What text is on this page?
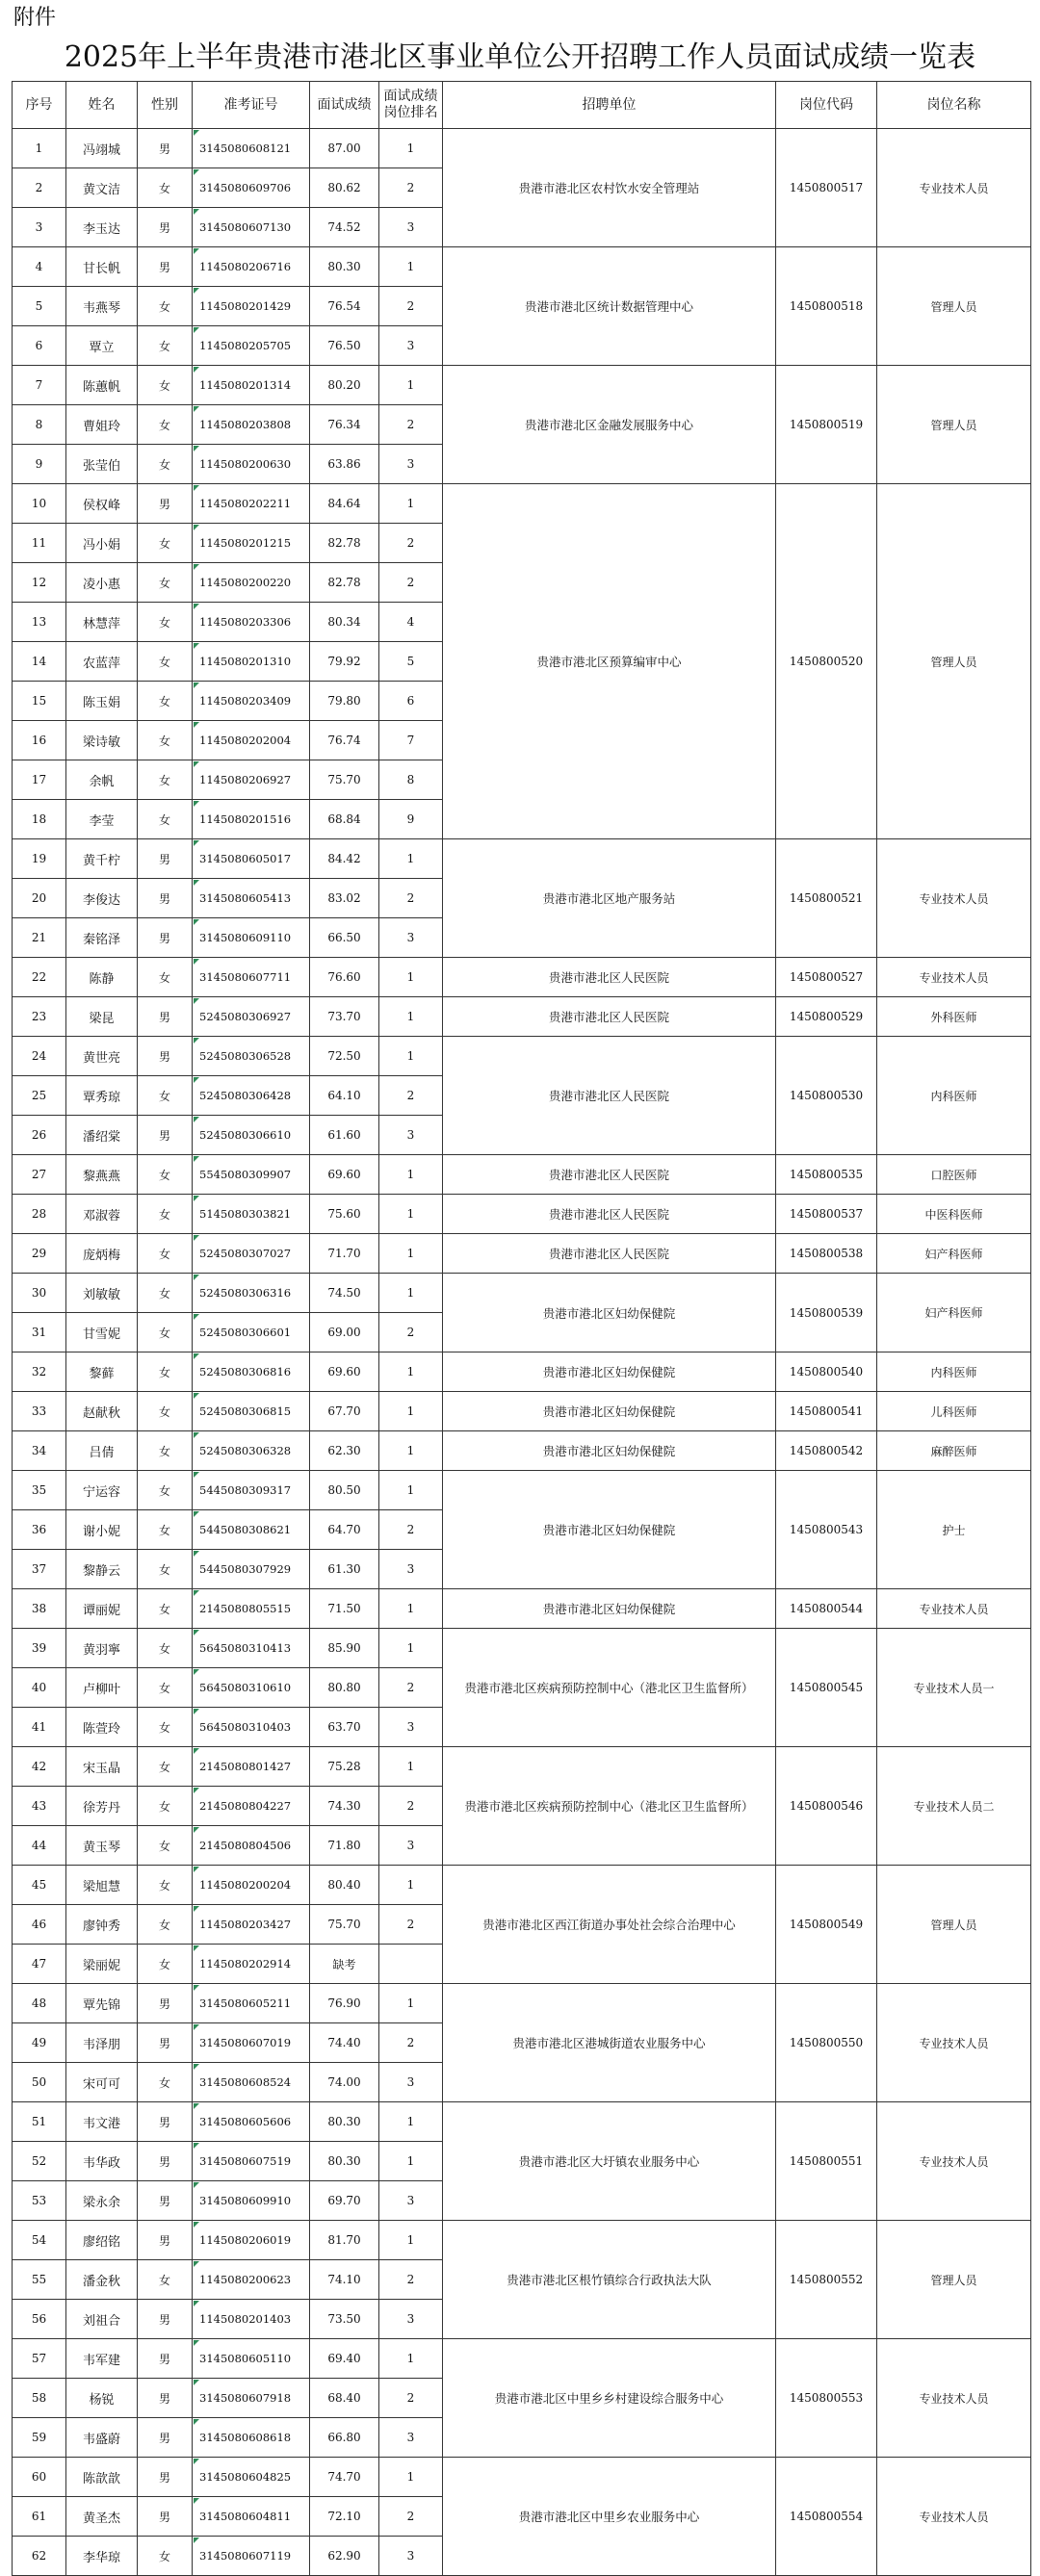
附件
2025年上半年贵港市港北区事业单位公开招聘工作人员面试成绩一览表
序号	姓名	性别	准考证号	面试成绩	面试成绩岗位排名	招聘单位	岗位代码	岗位名称
1	冯翊城	男	3145080608121	87.00	1	贵港市港北区农村饮水安全管理站	1450800517	专业技术人员
2	黄文洁	女	3145080609706	80.62	2			
3	李玉达	男	3145080607130	74.52	3			
4	甘长帆	男	1145080206716	80.30	1	贵港市港北区统计数据管理中心	1450800518	管理人员
5	韦燕琴	女	1145080201429	76.54	2			
6	覃立	女	1145080205705	76.50	3			
7	陈蕙帆	女	1145080201314	80.20	1	贵港市港北区金融发展服务中心	1450800519	管理人员
8	曹姐玲	女	1145080203808	76.34	2			
9	张莹伯	女	1145080200630	63.86	3			
10	侯权峰	男	1145080202211	84.64	1	贵港市港北区预算编审中心	1450800520	管理人员
11	冯小娟	女	1145080201215	82.78	2			
12	凌小惠	女	1145080200220	82.78	2			
13	林慧萍	女	1145080203306	80.34	4			
14	农蓝萍	女	1145080201310	79.92	5			
15	陈玉娟	女	1145080203409	79.80	6			
16	梁诗敏	女	1145080202004	76.74	7			
17	余帆	女	1145080206927	75.70	8			
18	李莹	女	1145080201516	68.84	9			
19	黄千柠	男	3145080605017	84.42	1	贵港市港北区地产服务站	1450800521	专业技术人员
20	李俊达	男	3145080605413	83.02	2			
21	秦铭泽	男	3145080609110	66.50	3			
22	陈静	女	3145080607711	76.60	1	贵港市港北区人民医院	1450800527	专业技术人员
23	梁昆	男	5245080306927	73.70	1	贵港市港北区人民医院	1450800529	外科医师
24	黄世亮	男	5245080306528	72.50	1	贵港市港北区人民医院	1450800530	内科医师
25	覃秀琼	女	5245080306428	64.10	2			
26	潘绍棠	男	5245080306610	61.60	3			
27	黎燕燕	女	5545080309907	69.60	1	贵港市港北区人民医院	1450800535	口腔医师
28	邓淑蓉	女	5145080303821	75.60	1	贵港市港北区人民医院	1450800537	中医科医师
29	庞炳梅	女	5245080307027	71.70	1	贵港市港北区人民医院	1450800538	妇产科医师
30	刘敏敏	女	5245080306316	74.50	1	贵港市港北区妇幼保健院	1450800539	妇产科医师
31	甘雪妮	女	5245080306601	69.00	2			
32	黎藓	女	5245080306816	69.60	1	贵港市港北区妇幼保健院	1450800540	内科医师
33	赵献秋	女	5245080306815	67.70	1	贵港市港北区妇幼保健院	1450800541	儿科医师
34	吕倩	女	5245080306328	62.30	1	贵港市港北区妇幼保健院	1450800542	麻醉医师
35	宁运容	女	5445080309317	80.50	1	贵港市港北区妇幼保健院	1450800543	护士
36	谢小妮	女	5445080308621	64.70	2			
37	黎静云	女	5445080307929	61.30	3			
38	谭丽妮	女	2145080805515	71.50	1	贵港市港北区妇幼保健院	1450800544	专业技术人员
39	黄羽寧	女	5645080310413	85.90	1	贵港市港北区疾病预防控制中心（港北区卫生监督所）	1450800545	专业技术人员一
40	卢柳叶	女	5645080310610	80.80	2			
41	陈萱玲	女	5645080310403	63.70	3			
42	宋玉晶	女	2145080801427	75.28	1	贵港市港北区疾病预防控制中心（港北区卫生监督所）	1450800546	专业技术人员二
43	徐芳丹	女	2145080804227	74.30	2			
44	黄玉琴	女	2145080804506	71.80	3			
45	梁旭慧	女	1145080200204	80.40	1	贵港市港北区西江街道办事处社会综合治理中心	1450800549	管理人员
46	廖钟秀	女	1145080203427	75.70	2			
47	梁丽妮	女	1145080202914	缺考				
48	覃先锦	男	3145080605211	76.90	1	贵港市港北区港城街道农业服务中心	1450800550	专业技术人员
49	韦泽朋	男	3145080607019	74.40	2			
50	宋可可	女	3145080608524	74.00	3			
51	韦文港	男	3145080605606	80.30	1	贵港市港北区大圩镇农业服务中心	1450800551	专业技术人员
52	韦华政	男	3145080607519	80.30	1			
53	梁永余	男	3145080609910	69.70	3			
54	廖绍铭	男	1145080206019	81.70	1	贵港市港北区根竹镇综合行政执法大队	1450800552	管理人员
55	潘金秋	女	1145080200623	74.10	2			
56	刘祖合	男	1145080201403	73.50	3			
57	韦军建	男	3145080605110	69.40	1	贵港市港北区中里乡乡村建设综合服务中心	1450800553	专业技术人员
58	杨锐	男	3145080607918	68.40	2			
59	韦盛蔚	男	3145080608618	66.80	3			
60	陈歆歆	男	3145080604825	74.70	1	贵港市港北区中里乡农业服务中心	1450800554	专业技术人员
61	黄圣杰	男	3145080604811	72.10	2			
62	李华琼	女	3145080607119	62.90	3			
